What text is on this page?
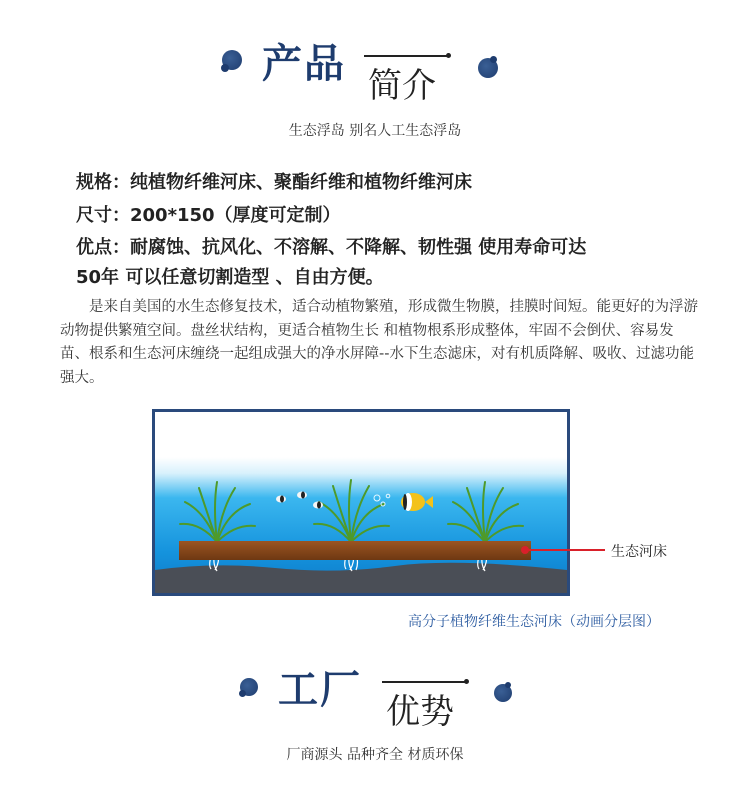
产品 简介
生态浮岛 别名人工生态浮岛
规格：纯植物纤维河床、聚酯纤维和植物纤维河床
尺寸：200*150（厚度可定制）
优点：耐腐蚀、抗风化、不溶解、不降解、韧性强 使用寿命可达
50年 可以任意切割造型 、自由方便。
是来自美国的水生态修复技术，适合动植物繁殖，形成微生物膜，挂膜时间短。能更好的为浮游动物提供繁殖空间。盘丝状结构，更适合植物生长 和植物根系形成整体，牢固不会倒伏、容易发苗、根系和生态河床缠绕一起组成强大的净水屏障--水下生态滤床，对有机质降解、吸收、过滤功能强大。
生态河床
高分子植物纤维生态河床（动画分层图）
工厂 优势
厂商源头 品种齐全 材质环保
